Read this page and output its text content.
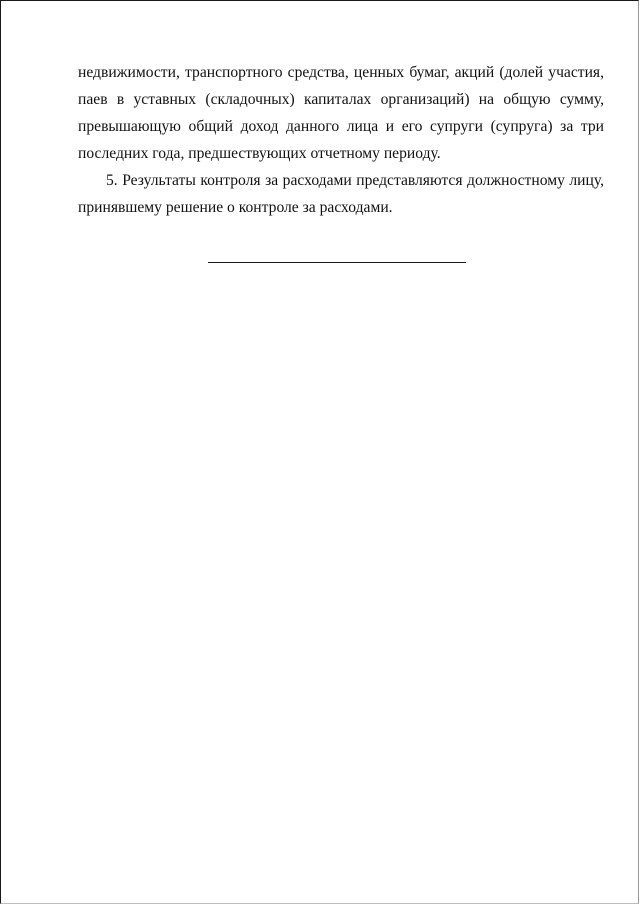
недвижимости, транспортного средства, ценных бумаг, акций (долей участия,
паев в уставных (складочных) капиталах организаций) на общую сумму,
превышающую общий доход данного лица и его супруги (супруга) за три
последних года, предшествующих отчетному периоду.
5. Результаты контроля за расходами представляются должностному лицу,
принявшему решение о контроле за расходами.
